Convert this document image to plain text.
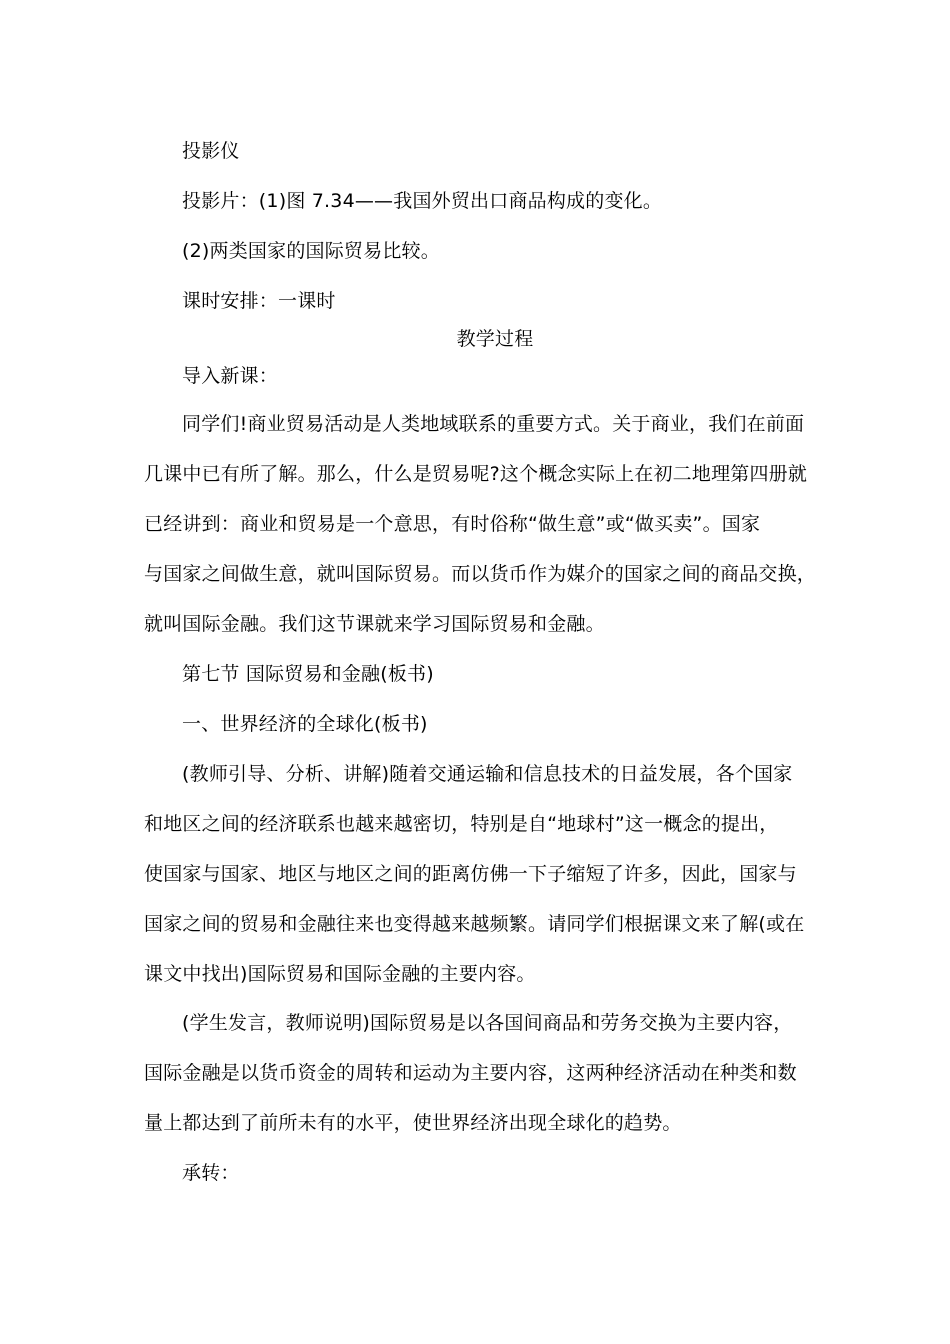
投影仪
投影片：(1)图 7.34——我国外贸出口商品构成的变化。
(2)两类国家的国际贸易比较。
课时安排：一课时
教学过程
导入新课：
同学们!商业贸易活动是人类地域联系的重要方式。关于商业，我们在前面
几课中已有所了解。那么，什么是贸易呢?这个概念实际上在初二地理第四册就
已经讲到：商业和贸易是一个意思，有时俗称“做生意”或“做买卖”。国家
与国家之间做生意，就叫国际贸易。而以货币作为媒介的国家之间的商品交换，
就叫国际金融。我们这节课就来学习国际贸易和金融。
第七节 国际贸易和金融(板书)
一、世界经济的全球化(板书)
(教师引导、分析、讲解)随着交通运输和信息技术的日益发展，各个国家
和地区之间的经济联系也越来越密切，特别是自“地球村”这一概念的提出，
使国家与国家、地区与地区之间的距离仿佛一下子缩短了许多，因此，国家与
国家之间的贸易和金融往来也变得越来越频繁。请同学们根据课文来了解(或在
课文中找出)国际贸易和国际金融的主要内容。
(学生发言，教师说明)国际贸易是以各国间商品和劳务交换为主要内容，
国际金融是以货币资金的周转和运动为主要内容，这两种经济活动在种类和数
量上都达到了前所未有的水平，使世界经济出现全球化的趋势。
承转：
